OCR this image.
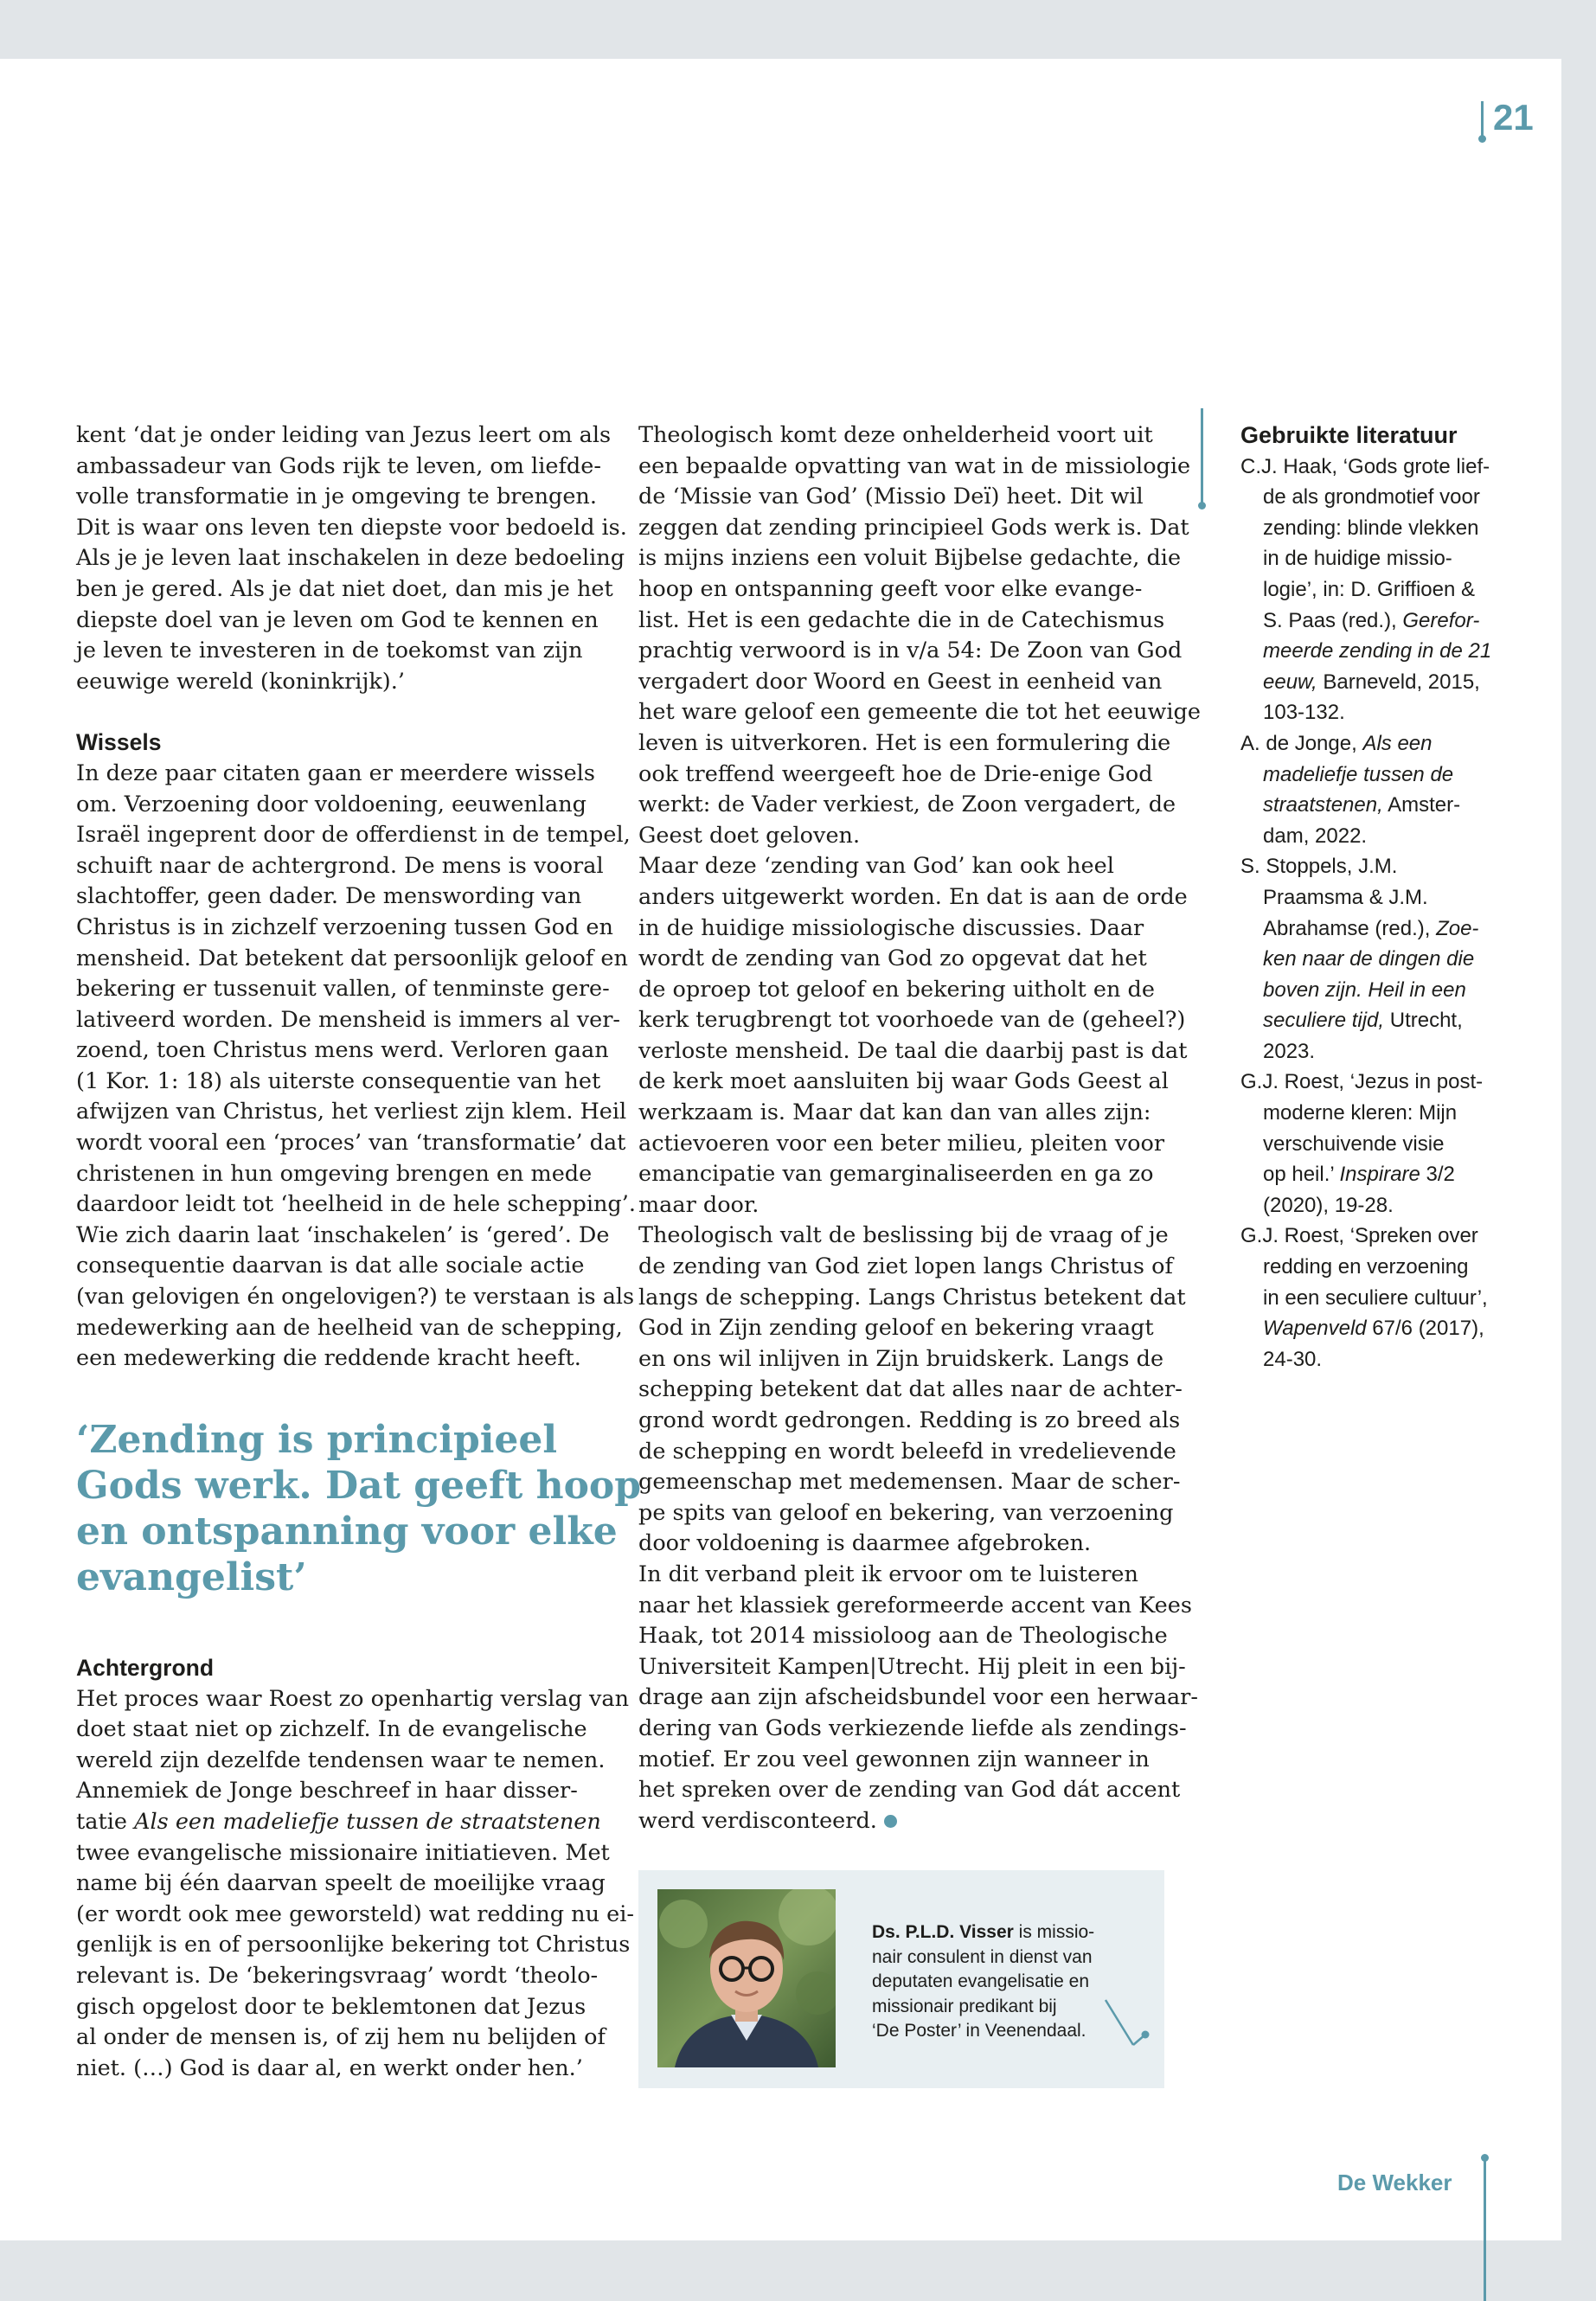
21

kent ‘dat je onder leiding van Jezus leert om als

ambassadeur van Gods rijk te leven, om liefde-

volle transformatie in je omgeving te brengen.

Dit is waar ons leven ten diepste voor bedoeld is.

Als je je leven laat inschakelen in deze bedoeling

ben je gered. Als je dat niet doet, dan mis je het

diepste doel van je leven om God te kennen en

je leven te investeren in de toekomst van zijn

eeuwige wereld (koninkrijk).’

Wissels

In deze paar citaten gaan er meerdere wissels

om. Verzoening door voldoening, eeuwenlang

Israël ingeprent door de offerdienst in de tempel,

schuift naar de achtergrond. De mens is vooral

slachtoffer, geen dader. De menswording van

Christus is in zichzelf verzoening tussen God en

mensheid. Dat betekent dat persoonlijk geloof en

bekering er tussenuit vallen, of tenminste gere-

lativeerd worden. De mensheid is immers al ver-

zoend, toen Christus mens werd. Verloren gaan

(1 Kor. 1: 18) als uiterste consequentie van het

afwijzen van Christus, het verliest zijn klem. Heil

wordt vooral een ‘proces’ van ‘transformatie’ dat

christenen in hun omgeving brengen en mede

daardoor leidt tot ‘heelheid in de hele schepping’.

Wie zich daarin laat ‘inschakelen’ is ‘gered’. De

consequentie daarvan is dat alle sociale actie

(van gelovigen én ongelovigen?) te verstaan is als

medewerking aan de heelheid van de schepping,

een medewerking die reddende kracht heeft.

‘Zending is principieel

Gods werk. Dat geeft hoop

en ontspanning voor elke

evangelist’

Achtergrond

Het proces waar Roest zo openhartig verslag van

doet staat niet op zichzelf. In de evangelische

wereld zijn dezelfde tendensen waar te nemen.

Annemiek de Jonge beschreef in haar disser-

tatie Als een madeliefje tussen de straatstenen

twee evangelische missionaire initiatieven. Met

name bij één daarvan speelt de moeilijke vraag

(er wordt ook mee geworsteld) wat redding nu ei-

genlijk is en of persoonlijke bekering tot Christus

relevant is. De ‘bekeringsvraag’ wordt ‘theolo-

gisch opgelost door te beklemtonen dat Jezus

al onder de mensen is, of zij hem nu belijden of

niet. (…) God is daar al, en werkt onder hen.’

Theologisch komt deze onhelderheid voort uit

een bepaalde opvatting van wat in de missiologie

de ‘Missie van God’ (Missio Deï) heet. Dit wil

zeggen dat zending principieel Gods werk is. Dat

is mijns inziens een voluit Bijbelse gedachte, die

hoop en ontspanning geeft voor elke evange-

list. Het is een gedachte die in de Catechismus

prachtig verwoord is in v/a 54: De Zoon van God

vergadert door Woord en Geest in eenheid van

het ware geloof een gemeente die tot het eeuwige

leven is uitverkoren. Het is een formulering die

ook treffend weergeeft hoe de Drie-enige God

werkt: de Vader verkiest, de Zoon vergadert, de

Geest doet geloven.

Maar deze ‘zending van God’ kan ook heel

anders uitgewerkt worden. En dat is aan de orde

in de huidige missiologische discussies. Daar

wordt de zending van God zo opgevat dat het

de oproep tot geloof en bekering uitholt en de

kerk terugbrengt tot voorhoede van de (geheel?)

verloste mensheid. De taal die daarbij past is dat

de kerk moet aansluiten bij waar Gods Geest al

werkzaam is. Maar dat kan dan van alles zijn:

actievoeren voor een beter milieu, pleiten voor

emancipatie van gemarginaliseerden en ga zo

maar door.

Theologisch valt de beslissing bij de vraag of je

de zending van God ziet lopen langs Christus of

langs de schepping. Langs Christus betekent dat

God in Zijn zending geloof en bekering vraagt

en ons wil inlijven in Zijn bruidskerk. Langs de

schepping betekent dat dat alles naar de achter-

grond wordt gedrongen. Redding is zo breed als

de schepping en wordt beleefd in vredelievende

gemeenschap met medemensen. Maar de scher-

pe spits van geloof en bekering, van verzoening

door voldoening is daarmee afgebroken.

In dit verband pleit ik ervoor om te luisteren

naar het klassiek gereformeerde accent van Kees

Haak, tot 2014 missioloog aan de Theologische

Universiteit Kampen|Utrecht. Hij pleit in een bij-

drage aan zijn afscheidsbundel voor een herwaar-

dering van Gods verkiezende liefde als zendings-

motief. Er zou veel gewonnen zijn wanneer in

het spreken over de zending van God dát accent

werd verdisconteerd.

Gebruikte literatuur

C.J. Haak, ‘Gods grote lief-

de als grondmotief voor

zending: blinde vlekken

in de huidige missio-

logie’, in: D. Griffioen &

S. Paas (red.), Gerefor-

meerde zending in de 21

eeuw, Barneveld, 2015,

103-132.

A. de Jonge, Als een

madeliefje tussen de

straatstenen, Amster-

dam, 2022.

S. Stoppels, J.M.

Praamsma & J.M.

Abrahamse (red.), Zoe-

ken naar de dingen die

boven zijn. Heil in een

seculiere tijd, Utrecht,

2023.

G.J. Roest, ‘Jezus in post-

moderne kleren: Mijn

verschuivende visie

op heil.’ Inspirare 3/2

(2020), 19-28.

G.J. Roest, ‘Spreken over

redding en verzoening

in een seculiere cultuur’,

Wapenveld 67/6 (2017),

24-30.

Ds. P.L.D. Visser is missio-

nair consulent in dienst van

deputaten evangelisatie en

missionair predikant bij

‘De Poster’ in Veenendaal.

De Wekker
